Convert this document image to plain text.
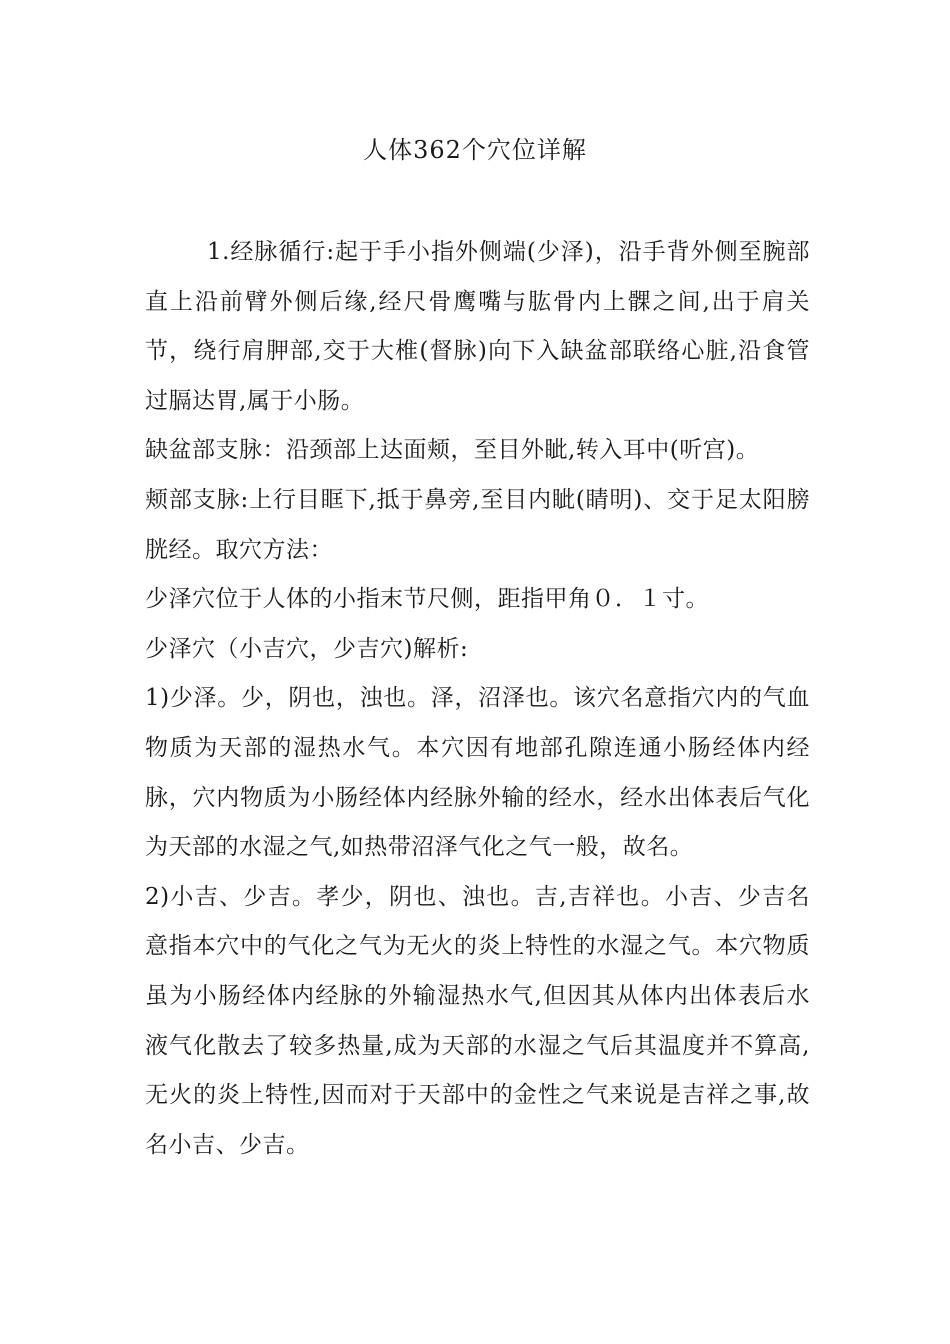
人体362个穴位详解

1.经脉循行:起于手小指外侧端(少泽)，沿手背外侧至腕部直上沿前臂外侧后缘,经尺骨鹰嘴与肱骨内上髁之间,出于肩关节，绕行肩胛部,交于大椎(督脉)向下入缺盆部联络心脏,沿食管过膈达胃,属于小肠。

缺盆部支脉：沿颈部上达面颊，至目外眦,转入耳中(听宫)。

颊部支脉:上行目眶下,抵于鼻旁,至目内眦(睛明)、交于足太阳膀胱经。取穴方法：

少泽穴位于人体的小指末节尺侧，距指甲角０．１寸。

少泽穴（小吉穴，少吉穴)解析:

1)少泽。少，阴也，浊也。泽，沼泽也。该穴名意指穴内的气血物质为天部的湿热水气。本穴因有地部孔隙连通小肠经体内经脉，穴内物质为小肠经体内经脉外输的经水，经水出体表后气化为天部的水湿之气,如热带沼泽气化之气一般，故名。

2)小吉、少吉。孝少，阴也、浊也。吉,吉祥也。小吉、少吉名意指本穴中的气化之气为无火的炎上特性的水湿之气。本穴物质虽为小肠经体内经脉的外输湿热水气,但因其从体内出体表后水液气化散去了较多热量,成为天部的水湿之气后其温度并不算高,无火的炎上特性,因而对于天部中的金性之气来说是吉祥之事,故名小吉、少吉。
